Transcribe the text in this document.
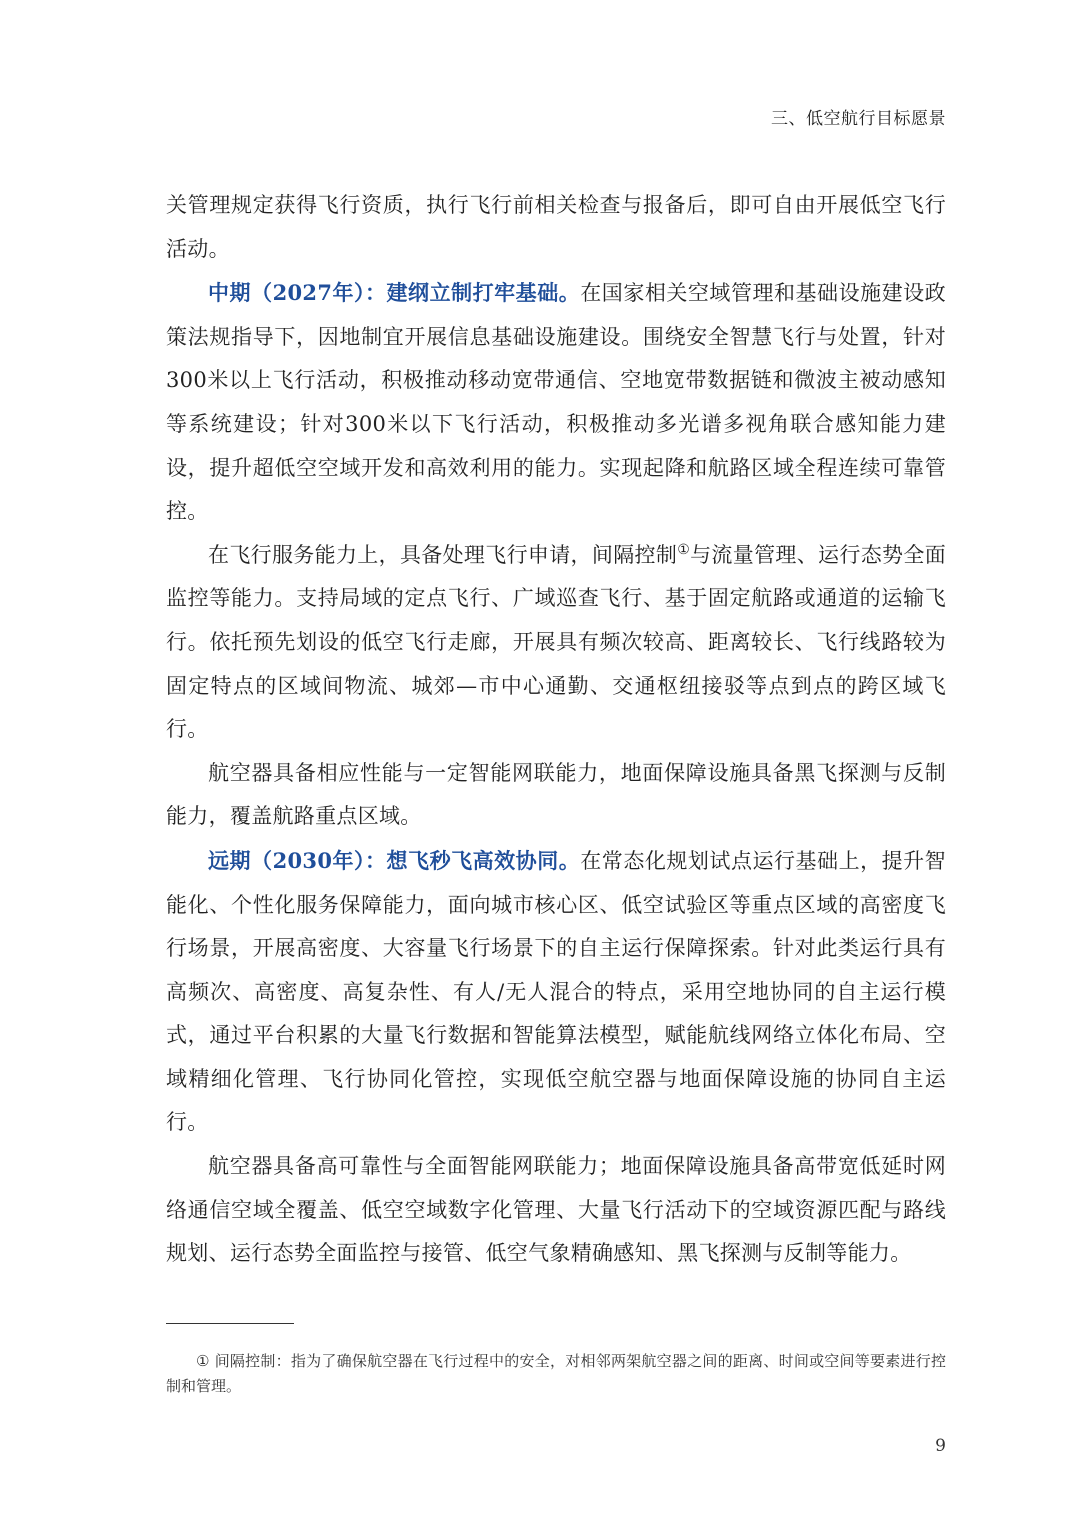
三、低空航行目标愿景

关管理规定获得飞行资质，执行飞行前相关检查与报备后，即可自由开展低空飞行活动。

中期（2027年）：建纲立制打牢基础。在国家相关空域管理和基础设施建设政策法规指导下，因地制宜开展信息基础设施建设。围绕安全智慧飞行与处置，针对300米以上飞行活动，积极推动移动宽带通信、空地宽带数据链和微波主被动感知等系统建设；针对300米以下飞行活动，积极推动多光谱多视角联合感知能力建设，提升超低空空域开发和高效利用的能力。实现起降和航路区域全程连续可靠管控。

在飞行服务能力上，具备处理飞行申请，间隔控制①与流量管理、运行态势全面监控等能力。支持局域的定点飞行、广域巡查飞行、基于固定航路或通道的运输飞行。依托预先划设的低空飞行走廊，开展具有频次较高、距离较长、飞行线路较为固定特点的区域间物流、城郊—市中心通勤、交通枢纽接驳等点到点的跨区域飞行。

航空器具备相应性能与一定智能网联能力，地面保障设施具备黑飞探测与反制能力，覆盖航路重点区域。

远期（2030年）：想飞秒飞高效协同。在常态化规划试点运行基础上，提升智能化、个性化服务保障能力，面向城市核心区、低空试验区等重点区域的高密度飞行场景，开展高密度、大容量飞行场景下的自主运行保障探索。针对此类运行具有高频次、高密度、高复杂性、有人/无人混合的特点，采用空地协同的自主运行模式，通过平台积累的大量飞行数据和智能算法模型，赋能航线网络立体化布局、空域精细化管理、飞行协同化管控，实现低空航空器与地面保障设施的协同自主运行。

航空器具备高可靠性与全面智能网联能力；地面保障设施具备高带宽低延时网络通信空域全覆盖、低空空域数字化管理、大量飞行活动下的空域资源匹配与路线规划、运行态势全面监控与接管、低空气象精确感知、黑飞探测与反制等能力。

① 间隔控制：指为了确保航空器在飞行过程中的安全，对相邻两架航空器之间的距离、时间或空间等要素进行控制和管理。

9
